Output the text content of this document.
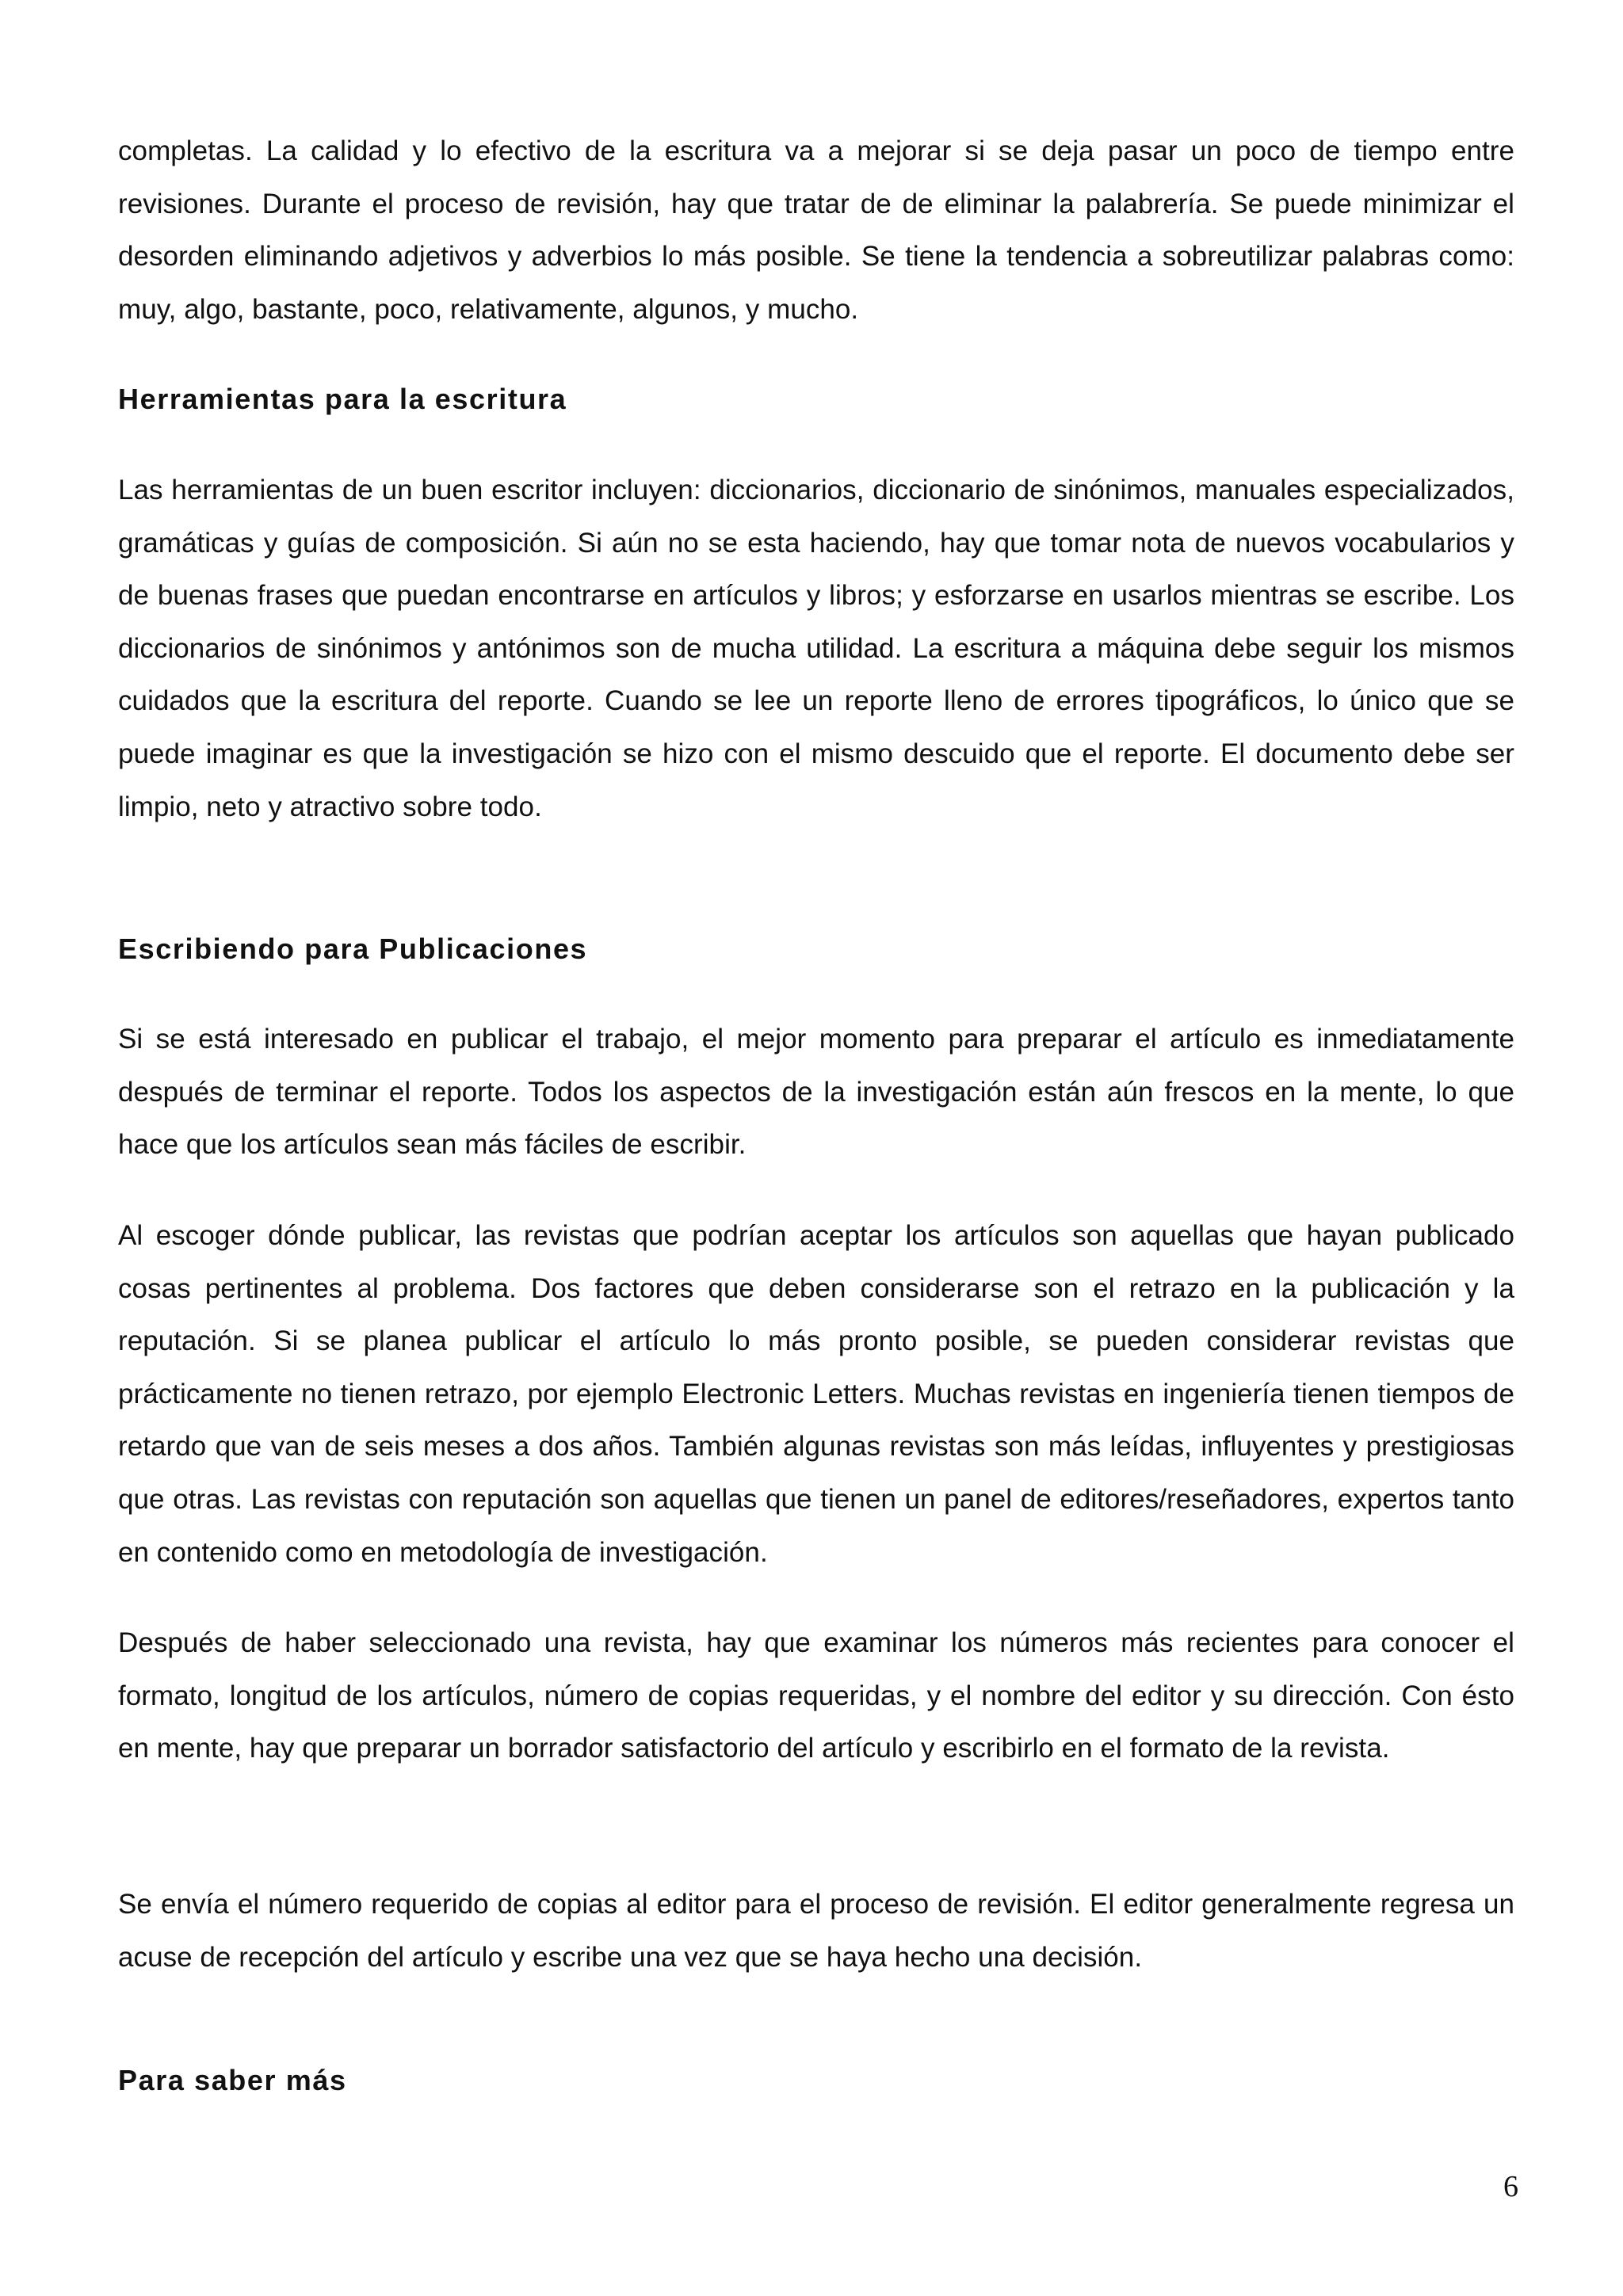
completas. La calidad y lo efectivo de la escritura va a mejorar si se deja pasar un poco de tiempo entre revisiones. Durante el proceso de revisión, hay que tratar de de eliminar la palabrería. Se puede minimizar el desorden eliminando adjetivos y adverbios lo más posible. Se tiene la tendencia a sobreutilizar palabras como: muy, algo, bastante, poco, relativamente, algunos, y mucho.

Herramientas para la escritura

Las herramientas de un buen escritor incluyen: diccionarios, diccionario de sinónimos, manuales especializados, gramáticas y guías de composición. Si aún no se esta haciendo, hay que tomar nota de nuevos vocabularios y de buenas frases que puedan encontrarse en artículos y libros; y esforzarse en usarlos mientras se escribe. Los diccionarios de sinónimos y antónimos son de mucha utilidad. La escritura a máquina debe seguir los mismos cuidados que la escritura del reporte. Cuando se lee un reporte lleno de errores tipográficos, lo único que se puede imaginar es que la investigación se hizo con el mismo descuido que el reporte. El documento debe ser limpio, neto y atractivo sobre todo.

Escribiendo para Publicaciones

Si se está interesado en publicar el trabajo, el mejor momento para preparar el artículo es inmediatamente después de terminar el reporte. Todos los aspectos de la investigación están aún frescos en la mente, lo que hace que los artículos sean más fáciles de escribir.

Al escoger dónde publicar, las revistas que podrían aceptar los artículos son aquellas que hayan publicado cosas pertinentes al problema. Dos factores que deben considerarse son el retrazo en la publicación y la reputación. Si se planea publicar el artículo lo más pronto posible, se pueden considerar revistas que prácticamente no tienen retrazo, por ejemplo Electronic Letters. Muchas revistas en ingeniería tienen tiempos de retardo que van de seis meses a dos años. También algunas revistas son más leídas, influyentes y prestigiosas que otras. Las revistas con reputación son aquellas que tienen un panel de editores/reseñadores, expertos tanto en contenido como en metodología de investigación.

Después de haber seleccionado una revista, hay que examinar los números más recientes para conocer el formato, longitud de los artículos, número de copias requeridas, y el nombre del editor y su dirección. Con ésto en mente, hay que preparar un borrador satisfactorio del artículo y escribirlo en el formato de la revista.

Se envía el número requerido de copias al editor para el proceso de revisión. El editor generalmente regresa un acuse de recepción del artículo y escribe una vez que se haya hecho una decisión.

Para saber más
6
